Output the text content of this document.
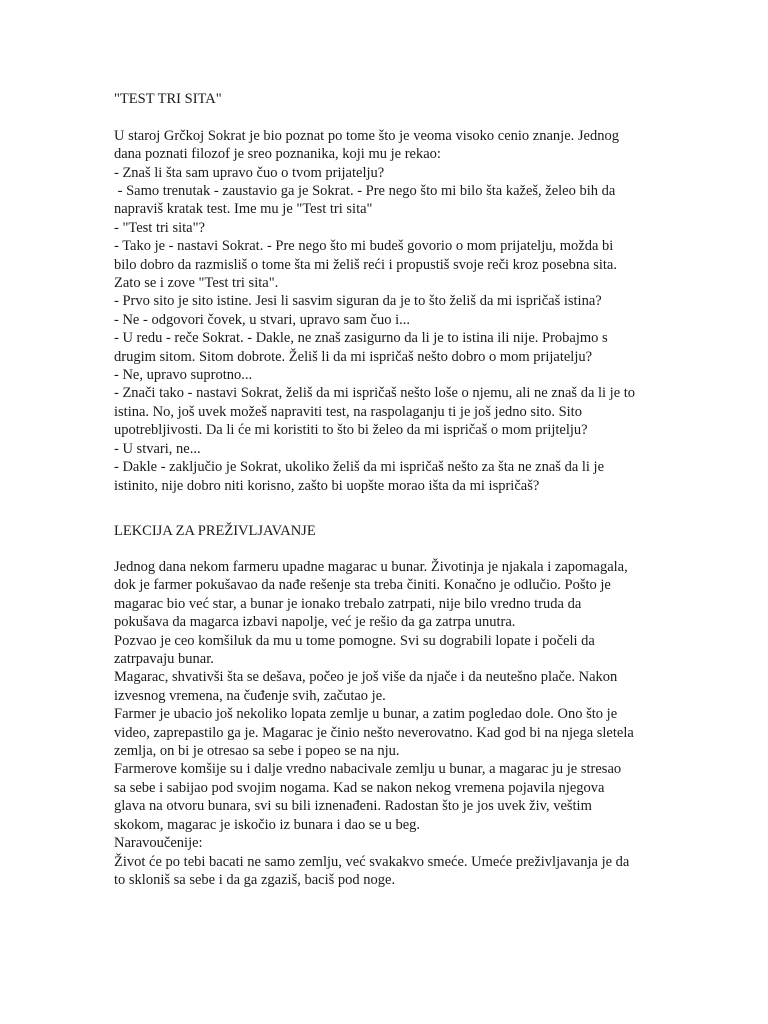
"TEST TRI SITA"
U staroj Grčkoj Sokrat je bio poznat po tome što je veoma visoko cenio znanje. Jednog
dana poznati filozof je sreo poznanika, koji mu je rekao:
- Znaš li šta sam upravo čuo o tvom prijatelju?
- Samo trenutak - zaustavio ga je Sokrat. - Pre nego što mi bilo šta kažeš, želeo bih da
napraviš kratak test. Ime mu je "Test tri sita"
- "Test tri sita"?
- Tako je - nastavi Sokrat. - Pre nego što mi budeš govorio o mom prijatelju, možda bi
bilo dobro da razmisliš o tome šta mi želiš reći i propustiš svoje reči kroz posebna sita.
Zato se i zove "Test tri sita".
- Prvo sito je sito istine. Jesi li sasvim siguran da je to što želiš da mi ispričaš istina?
- Ne - odgovori čovek, u stvari, upravo sam čuo i...
- U redu - reče Sokrat. - Dakle, ne znaš zasigurno da li je to istina ili nije. Probajmo s
drugim sitom. Sitom dobrote. Želiš li da mi ispričaš nešto dobro o mom prijatelju?
- Ne, upravo suprotno...
- Znači tako - nastavi Sokrat, želiš da mi ispričaš nešto loše o njemu, ali ne znaš da li je to
istina. No, još uvek možeš napraviti test, na raspolaganju ti je još jedno sito. Sito
upotrebljivosti. Da li će mi koristiti to što bi želeo da mi ispričaš o mom prijtelju?
- U stvari, ne...
- Dakle - zaključio je Sokrat, ukoliko želiš da mi ispričaš nešto za šta ne znaš da li je
istinito, nije dobro niti korisno, zašto bi uopšte morao išta da mi ispričaš?
LEKCIJA ZA PREŽIVLJAVANJE
Jednog dana nekom farmeru upadne magarac u bunar. Životinja je njakala i zapomagala,
dok je farmer pokušavao da nađe rešenje sta treba činiti. Konačno je odlučio. Pošto je
magarac bio već star, a bunar je ionako trebalo zatrpati, nije bilo vredno truda da
pokušava da magarca izbavi napolje, već je rešio da ga zatrpa unutra.
Pozvao je ceo komšiluk da mu u tome pomogne. Svi su dograbili lopate i počeli da
zatrpavaju bunar.
Magarac, shvativši šta se dešava, počeo je još više da njače i da neutešno plače. Nakon
izvesnog vremena, na čuđenje svih, začutao je.
Farmer je ubacio još nekoliko lopata zemlje u bunar, a zatim pogledao dole. Ono što je
video, zaprepastilo ga je. Magarac je činio nešto neverovatno. Kad god bi na njega sletela
zemlja, on bi je otresao sa sebe i popeo se na nju.
Farmerove komšije su i dalje vredno nabacivale zemlju u bunar, a magarac ju je stresao
sa sebe i sabijao pod svojim nogama. Kad se nakon nekog vremena pojavila njegova
glava na otvoru bunara, svi su bili iznenađeni. Radostan što je jos uvek živ, veštim
skokom, magarac je iskočio iz bunara i dao se u beg.
Naravoučenije:
Život će po tebi bacati ne samo zemlju, već svakakvo smeće. Umeće preživljavanja je da
to skloniš sa sebe i da ga zgaziš, baciš pod noge.
